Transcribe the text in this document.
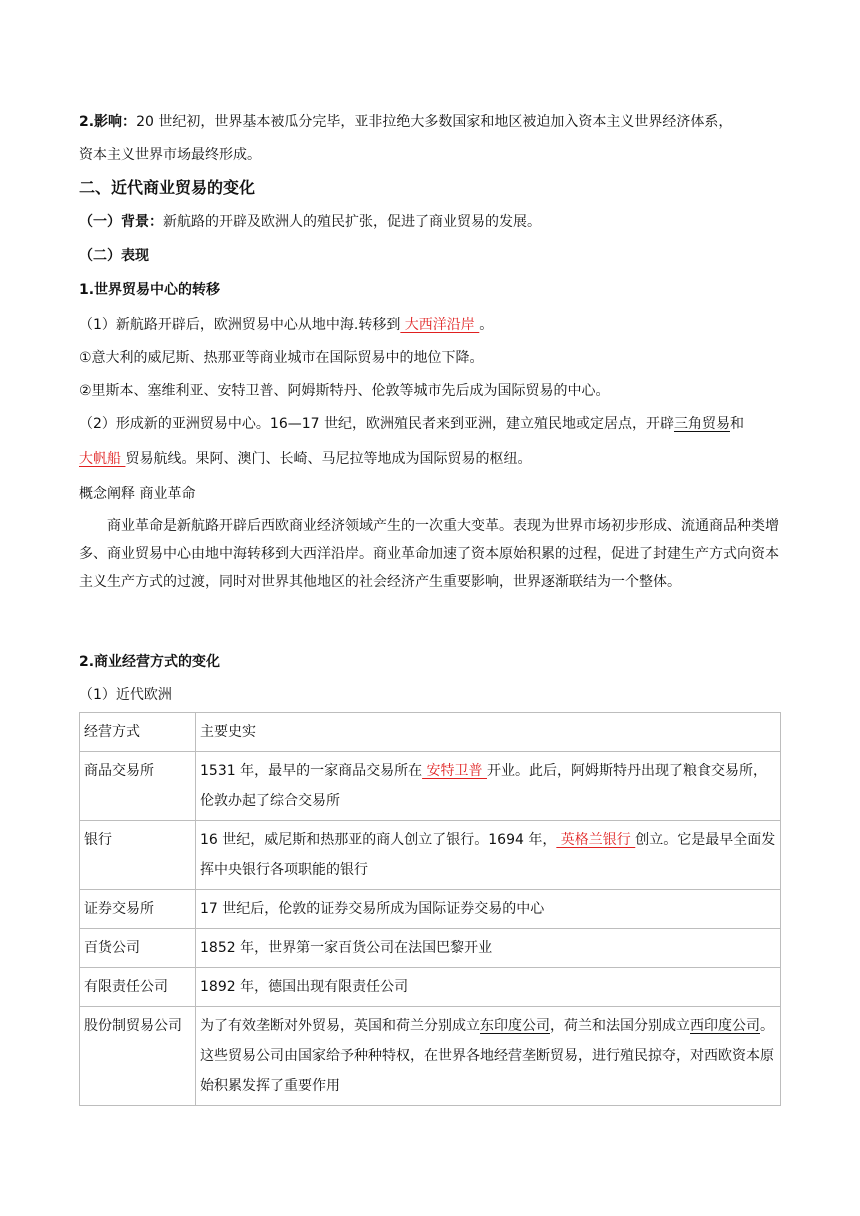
2.影响：20 世纪初，世界基本被瓜分完毕，亚非拉绝大多数国家和地区被迫加入资本主义世界经济体系，
资本主义世界市场最终形成。
二、近代商业贸易的变化
（一）背景：新航路的开辟及欧洲人的殖民扩张，促进了商业贸易的发展。
（二）表现
1.世界贸易中心的转移
（1）新航路开辟后，欧洲贸易中心从地中海.转移到 大西洋沿岸 。
①意大利的威尼斯、热那亚等商业城市在国际贸易中的地位下降。
②里斯本、塞维利亚、安特卫普、阿姆斯特丹、伦敦等城市先后成为国际贸易的中心。
（2）形成新的亚洲贸易中心。16—17 世纪，欧洲殖民者来到亚洲，建立殖民地或定居点，开辟三角贸易和
大帆船 贸易航线。果阿、澳门、长崎、马尼拉等地成为国际贸易的枢纽。
概念阐释 商业革命
商业革命是新航路开辟后西欧商业经济领域产生的一次重大变革。表现为世界市场初步形成、流通商品种类增多、商业贸易中心由地中海转移到大西洋沿岸。商业革命加速了资本原始积累的过程，促进了封建生产方式向资本主义生产方式的过渡，同时对世界其他地区的社会经济产生重要影响，世界逐渐联结为一个整体。
2.商业经营方式的变化
（1）近代欧洲
经营方式	主要史实
商品交易所	1531 年，最早的一家商品交易所在 安特卫普 开业。此后，阿姆斯特丹出现了粮食交易所，伦敦办起了综合交易所
银行	16 世纪，威尼斯和热那亚的商人创立了银行。1694 年， 英格兰银行 创立。它是最早全面发挥中央银行各项职能的银行
证券交易所	17 世纪后，伦敦的证券交易所成为国际证券交易的中心
百货公司	1852 年，世界第一家百货公司在法国巴黎开业
有限责任公司	1892 年，德国出现有限责任公司
股份制贸易公司	为了有效垄断对外贸易，英国和荷兰分别成立东印度公司，荷兰和法国分别成立西印度公司。这些贸易公司由国家给予种种特权，在世界各地经营垄断贸易，进行殖民掠夺，对西欧资本原始积累发挥了重要作用
